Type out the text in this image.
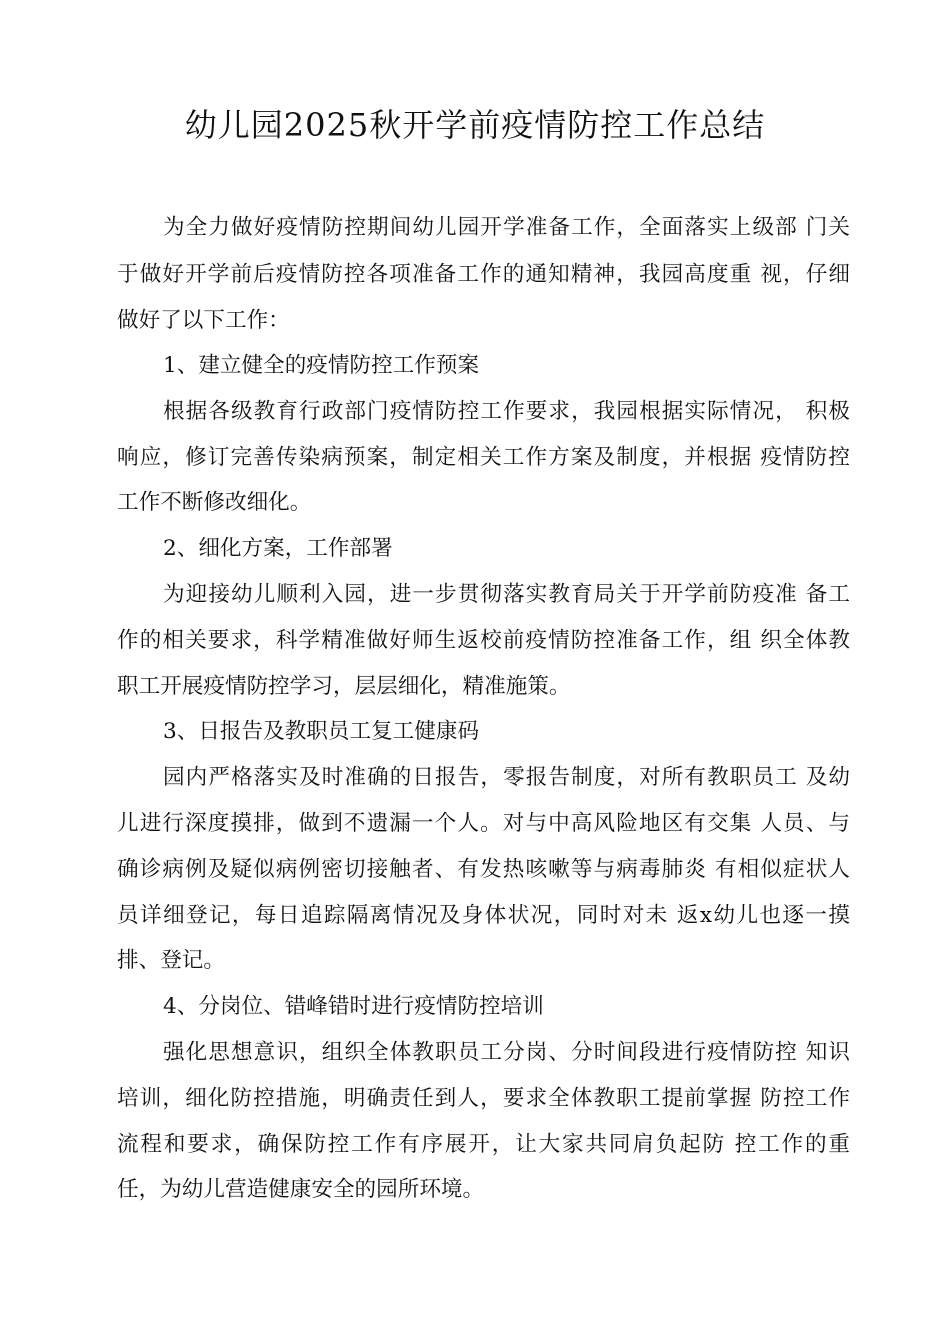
幼儿园2025秋开学前疫情防控工作总结
为全力做好疫情防控期间幼儿园开学准备工作，全面落实上级部 门关
于做好开学前后疫情防控各项准备工作的通知精神，我园高度重 视，仔细
做好了以下工作：
1、建立健全的疫情防控工作预案
根据各级教育行政部门疫情防控工作要求，我园根据实际情况， 积极
响应，修订完善传染病预案，制定相关工作方案及制度，并根据 疫情防控
工作不断修改细化。
2、细化方案，工作部署
为迎接幼儿顺利入园，进一步贯彻落实教育局关于开学前防疫准 备工
作的相关要求，科学精准做好师生返校前疫情防控准备工作，组 织全体教
职工开展疫情防控学习，层层细化，精准施策。
3、日报告及教职员工复工健康码
园内严格落实及时准确的日报告，零报告制度，对所有教职员工 及幼
儿进行深度摸排，做到不遗漏一个人。对与中高风险地区有交集 人员、与
确诊病例及疑似病例密切接触者、有发热咳嗽等与病毒肺炎 有相似症状人
员详细登记，每日追踪隔离情况及身体状况，同时对未 返x幼儿也逐一摸
排、登记。
4、分岗位、错峰错时进行疫情防控培训
强化思想意识，组织全体教职员工分岗、分时间段进行疫情防控 知识
培训，细化防控措施，明确责任到人，要求全体教职工提前掌握 防控工作
流程和要求，确保防控工作有序展开，让大家共同肩负起防 控工作的重
任，为幼儿营造健康安全的园所环境。
